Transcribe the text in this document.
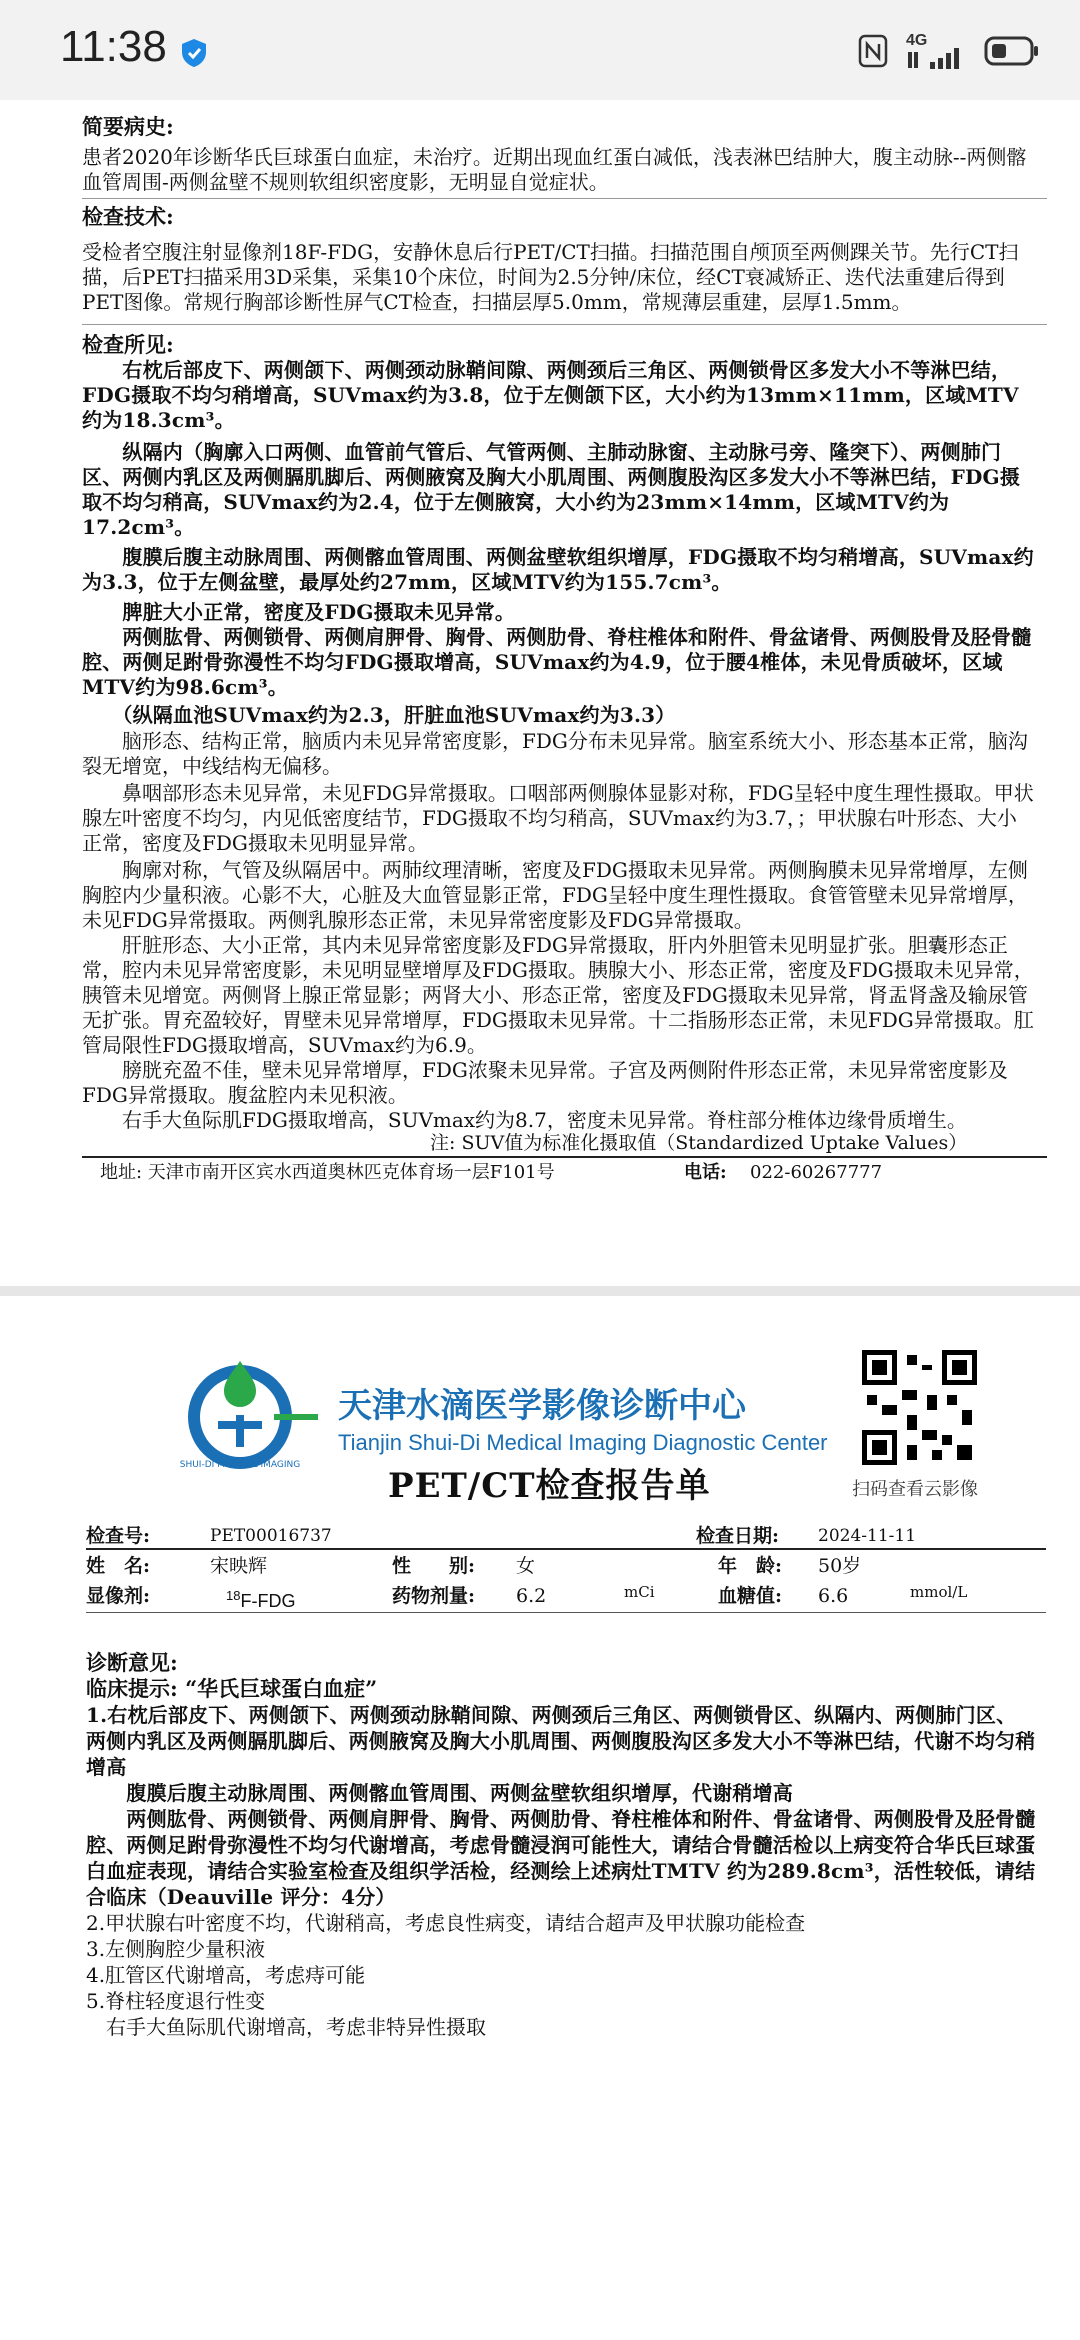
11:38	4G
简要病史:
患者2020年诊断华氏巨球蛋白血症，未治疗。近期出现血红蛋白减低，浅表淋巴结肿大，腹主动脉--两侧髂血管周围-两侧盆壁不规则软组织密度影，无明显自觉症状。
检查技术:
受检者空腹注射显像剂18F-FDG，安静休息后行PET/CT扫描。扫描范围自颅顶至两侧踝关节。先行CT扫描，后PET扫描采用3D采集，采集10个床位，时间为2.5分钟/床位，经CT衰减矫正、迭代法重建后得到PET图像。常规行胸部诊断性屏气CT检查，扫描层厚5.0mm，常规薄层重建，层厚1.5mm。
检查所见:
　　右枕后部皮下、两侧颌下、两侧颈动脉鞘间隙、两侧颈后三角区、两侧锁骨区多发大小不等淋巴结，FDG摄取不均匀稍增高，SUVmax约为3.8，位于左侧颌下区，大小约为13mm×11mm，区域MTV约为18.3cm³。
　　纵隔内（胸廓入口两侧、血管前气管后、气管两侧、主肺动脉窗、主动脉弓旁、隆突下）、两侧肺门区、两侧内乳区及两侧膈肌脚后、两侧腋窝及胸大小肌周围、两侧腹股沟区多发大小不等淋巴结，FDG摄取不均匀稍高，SUVmax约为2.4，位于左侧腋窝，大小约为23mm×14mm，区域MTV约为17.2cm³。
　　腹膜后腹主动脉周围、两侧髂血管周围、两侧盆壁软组织增厚，FDG摄取不均匀稍增高，SUVmax约为3.3，位于左侧盆壁，最厚处约27mm，区域MTV约为155.7cm³。
　　脾脏大小正常，密度及FDG摄取未见异常。
　　两侧肱骨、两侧锁骨、两侧肩胛骨、胸骨、两侧肋骨、脊柱椎体和附件、骨盆诸骨、两侧股骨及胫骨髓腔、两侧足跗骨弥漫性不均匀FDG摄取增高，SUVmax约为4.9，位于腰4椎体，未见骨质破坏，区域MTV约为98.6cm³。
　　（纵隔血池SUVmax约为2.3，肝脏血池SUVmax约为3.3）
　　脑形态、结构正常，脑质内未见异常密度影，FDG分布未见异常。脑室系统大小、形态基本正常，脑沟裂无增宽，中线结构无偏移。
　　鼻咽部形态未见异常，未见FDG异常摄取。口咽部两侧腺体显影对称，FDG呈轻中度生理性摄取。甲状腺左叶密度不均匀，内见低密度结节，FDG摄取不均匀稍高，SUVmax约为3.7，；甲状腺右叶形态、大小正常，密度及FDG摄取未见明显异常。
　　胸廓对称，气管及纵隔居中。两肺纹理清晰，密度及FDG摄取未见异常。两侧胸膜未见异常增厚，左侧胸腔内少量积液。心影不大，心脏及大血管显影正常，FDG呈轻中度生理性摄取。食管管壁未见异常增厚，未见FDG异常摄取。两侧乳腺形态正常，未见异常密度影及FDG异常摄取。
　　肝脏形态、大小正常，其内未见异常密度影及FDG异常摄取，肝内外胆管未见明显扩张。胆囊形态正常，腔内未见异常密度影，未见明显壁增厚及FDG摄取。胰腺大小、形态正常，密度及FDG摄取未见异常，胰管未见增宽。两侧肾上腺正常显影；两肾大小、形态正常，密度及FDG摄取未见异常，肾盂肾盏及输尿管无扩张。胃充盈较好，胃壁未见异常增厚，FDG摄取未见异常。十二指肠形态正常，未见FDG异常摄取。肛管局限性FDG摄取增高，SUVmax约为6.9。
　　膀胱充盈不佳，壁未见异常增厚，FDG浓聚未见异常。子宫及两侧附件形态正常，未见异常密度影及FDG异常摄取。腹盆腔内未见积液。
　　右手大鱼际肌FDG摄取增高，SUVmax约为8.7，密度未见异常。脊柱部分椎体边缘骨质增生。
注: SUV值为标准化摄取值（Standardized Uptake Values）
地址: 天津市南开区宾水西道奥林匹克体育场一层F101号	电话: 022-60267777
SHUI-DI MEDICAL IMAGING
天津水滴医学影像诊断中心
Tianjin Shui-Di Medical Imaging Diagnostic Center
扫码查看云影像
PET/CT检查报告单
检查号:	PET00016737	检查日期: 2024-11-11
姓　名:	宋映辉	性　　别: 女	年　龄: 50岁
显像剂:	$^{18}$F-FDG	药物剂量: 6.2	mCi	血糖值: 6.6	mmol/L
诊断意见:
临床提示: “华氏巨球蛋白血症”
1.右枕后部皮下、两侧颌下、两侧颈动脉鞘间隙、两侧颈后三角区、两侧锁骨区、纵隔内、两侧肺门区、两侧内乳区及两侧膈肌脚后、两侧腋窝及胸大小肌周围、两侧腹股沟区多发大小不等淋巴结，代谢不均匀稍增高
　　腹膜后腹主动脉周围、两侧髂血管周围、两侧盆壁软组织增厚，代谢稍增高
　　两侧肱骨、两侧锁骨、两侧肩胛骨、胸骨、两侧肋骨、脊柱椎体和附件、骨盆诸骨、两侧股骨及胫骨髓腔、两侧足跗骨弥漫性不均匀代谢增高，考虑骨髓浸润可能性大，请结合骨髓活检以上病变符合华氏巨球蛋白血症表现，请结合实验室检查及组织学活检，经测绘上述病灶TMTV 约为289.8cm³，活性较低，请结合临床（Deauville 评分：4分）
2.甲状腺右叶密度不均，代谢稍高，考虑良性病变，请结合超声及甲状腺功能检查
3.左侧胸腔少量积液
4.肛管区代谢增高，考虑痔可能
5.脊柱轻度退行性变
　右手大鱼际肌代谢增高，考虑非特异性摄取
